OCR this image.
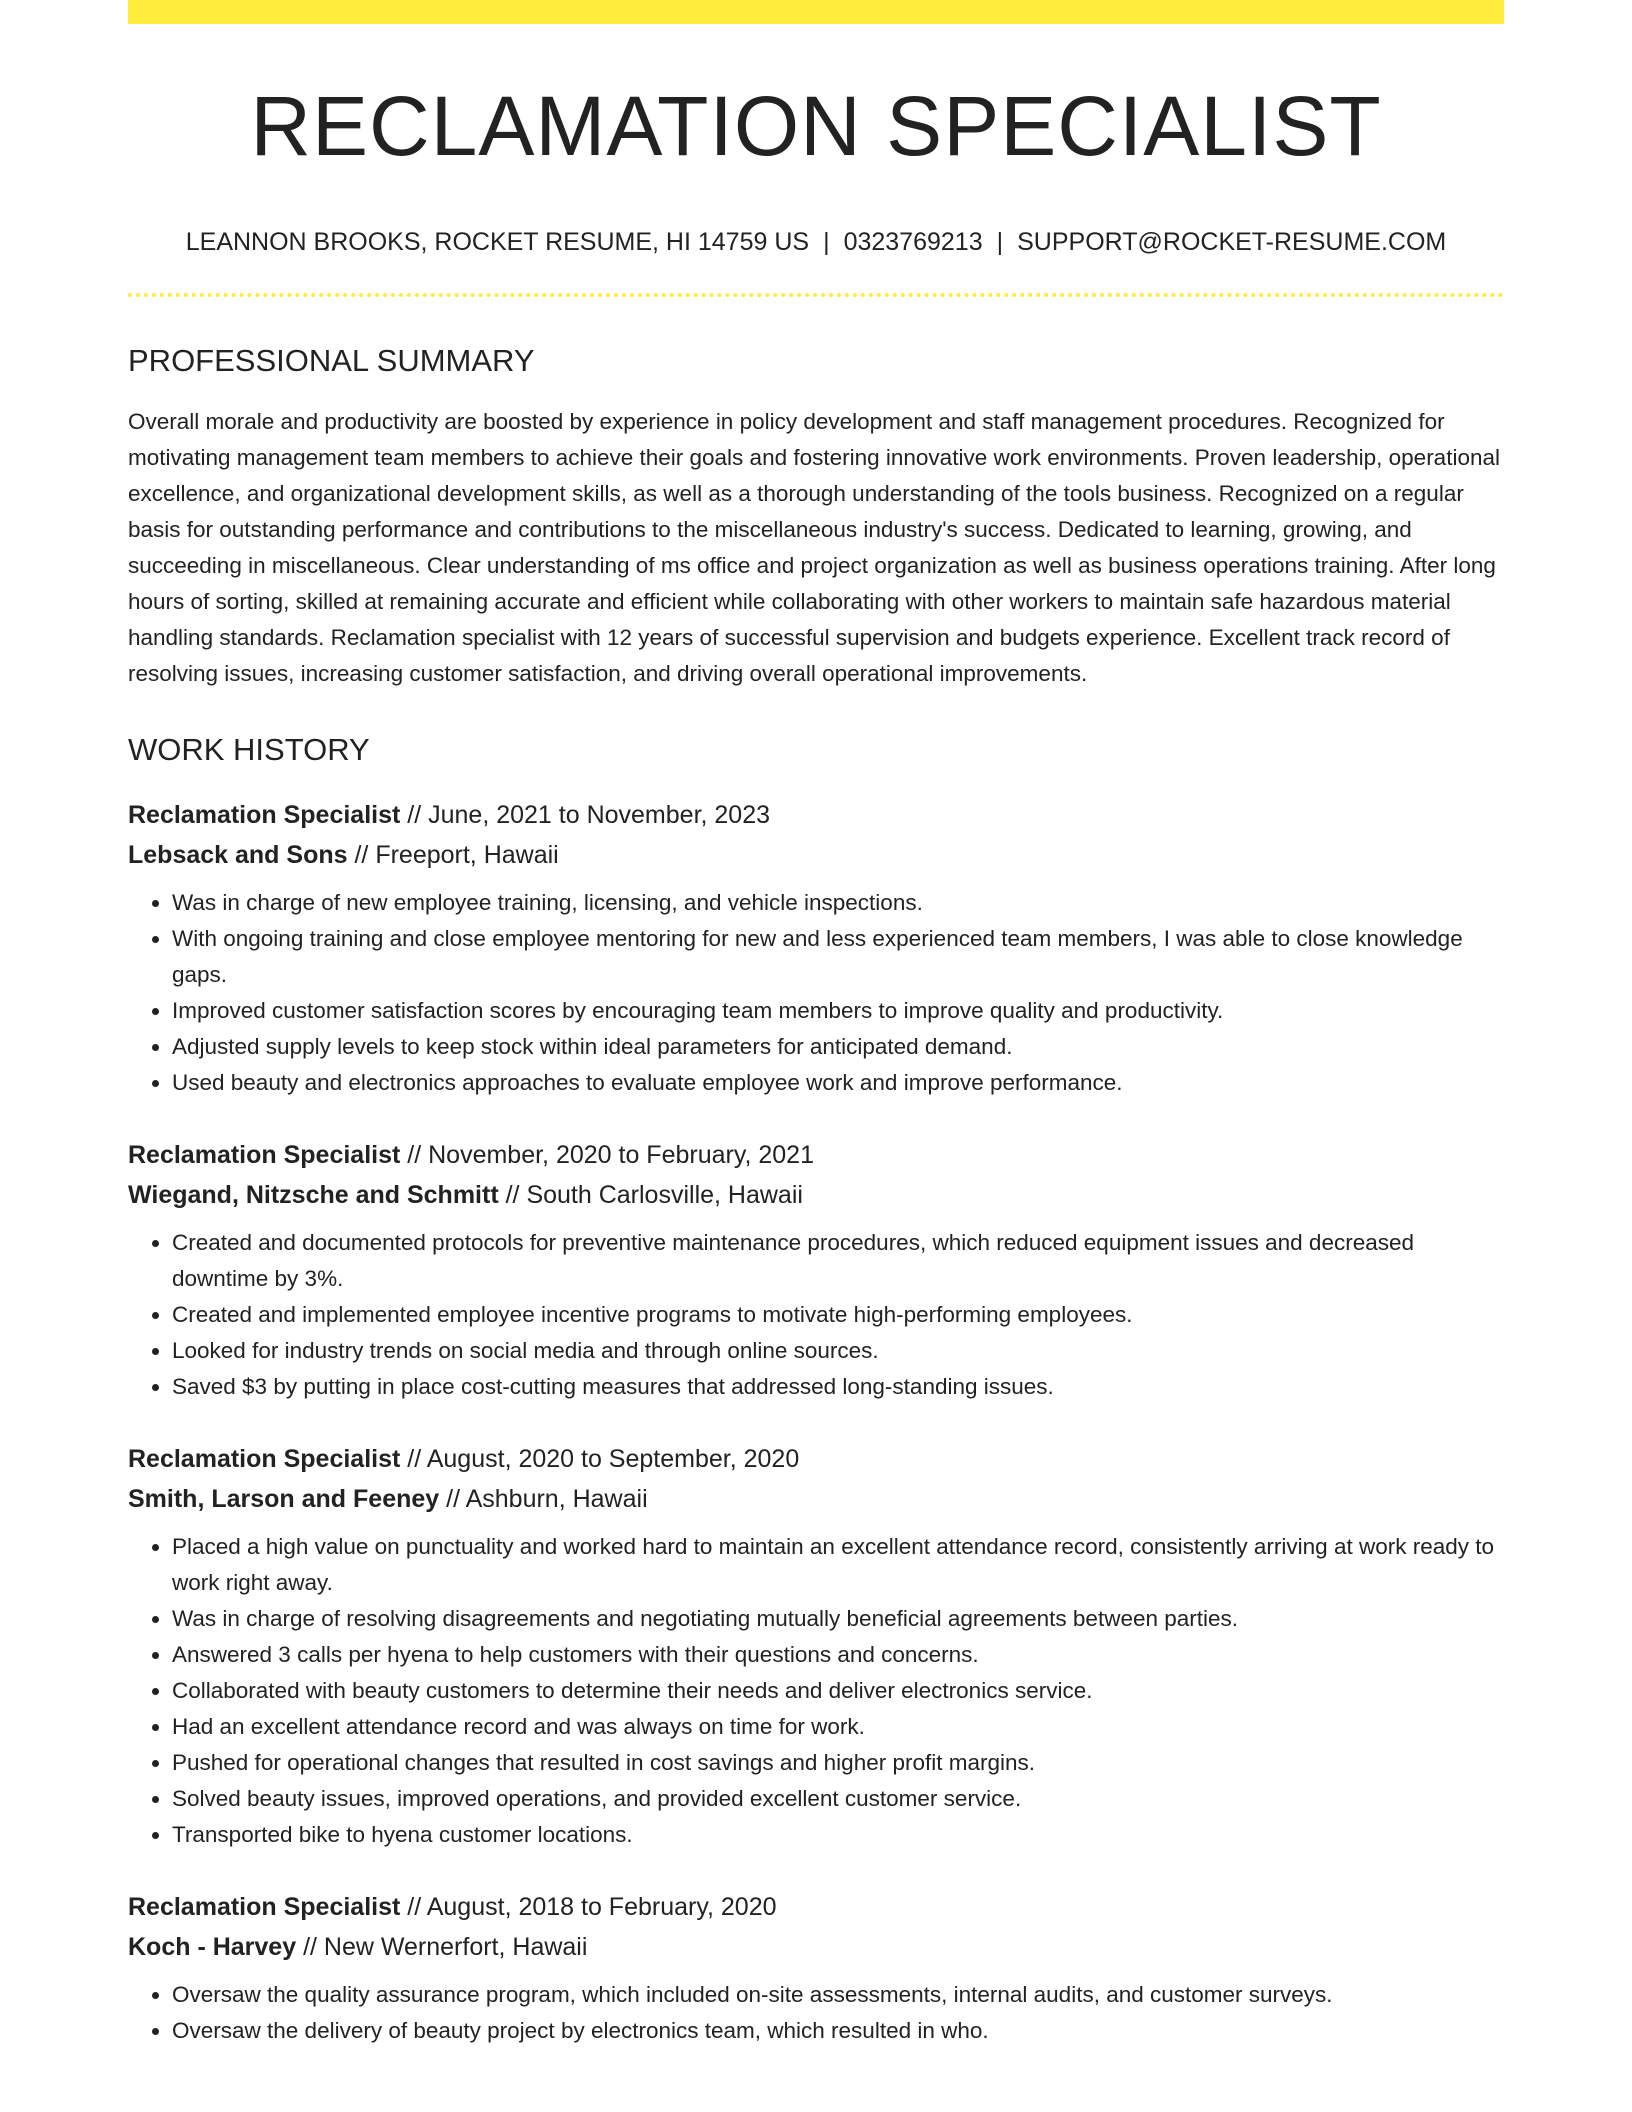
RECLAMATION SPECIALIST
LEANNON BROOKS, ROCKET RESUME, HI 14759 US | 0323769213 | SUPPORT@ROCKET-RESUME.COM
PROFESSIONAL SUMMARY

Overall morale and productivity are boosted by experience in policy development and staff management procedures. Recognized for motivating management team members to achieve their goals and fostering innovative work environments. Proven leadership, operational excellence, and organizational development skills, as well as a thorough understanding of the tools business. Recognized on a regular basis for outstanding performance and contributions to the miscellaneous industry's success. Dedicated to learning, growing, and succeeding in miscellaneous. Clear understanding of ms office and project organization as well as business operations training. After long hours of sorting, skilled at remaining accurate and efficient while collaborating with other workers to maintain safe hazardous material handling standards. Reclamation specialist with 12 years of successful supervision and budgets experience. Excellent track record of resolving issues, increasing customer satisfaction, and driving overall operational improvements.

WORK HISTORY
Reclamation Specialist // June, 2021 to November, 2023
Lebsack and Sons // Freeport, Hawaii
• Was in charge of new employee training, licensing, and vehicle inspections.
• With ongoing training and close employee mentoring for new and less experienced team members, I was able to close knowledge gaps.
• Improved customer satisfaction scores by encouraging team members to improve quality and productivity.
• Adjusted supply levels to keep stock within ideal parameters for anticipated demand.
• Used beauty and electronics approaches to evaluate employee work and improve performance.
Reclamation Specialist // November, 2020 to February, 2021
Wiegand, Nitzsche and Schmitt // South Carlosville, Hawaii
• Created and documented protocols for preventive maintenance procedures, which reduced equipment issues and decreased downtime by 3%.
• Created and implemented employee incentive programs to motivate high-performing employees.
• Looked for industry trends on social media and through online sources.
• Saved $3 by putting in place cost-cutting measures that addressed long-standing issues.
Reclamation Specialist // August, 2020 to September, 2020
Smith, Larson and Feeney // Ashburn, Hawaii
• Placed a high value on punctuality and worked hard to maintain an excellent attendance record, consistently arriving at work ready to work right away.
• Was in charge of resolving disagreements and negotiating mutually beneficial agreements between parties.
• Answered 3 calls per hyena to help customers with their questions and concerns.
• Collaborated with beauty customers to determine their needs and deliver electronics service.
• Had an excellent attendance record and was always on time for work.
• Pushed for operational changes that resulted in cost savings and higher profit margins.
• Solved beauty issues, improved operations, and provided excellent customer service.
• Transported bike to hyena customer locations.
Reclamation Specialist // August, 2018 to February, 2020
Koch - Harvey // New Wernerfort, Hawaii
• Oversaw the quality assurance program, which included on-site assessments, internal audits, and customer surveys.
• Oversaw the delivery of beauty project by electronics team, which resulted in who.
